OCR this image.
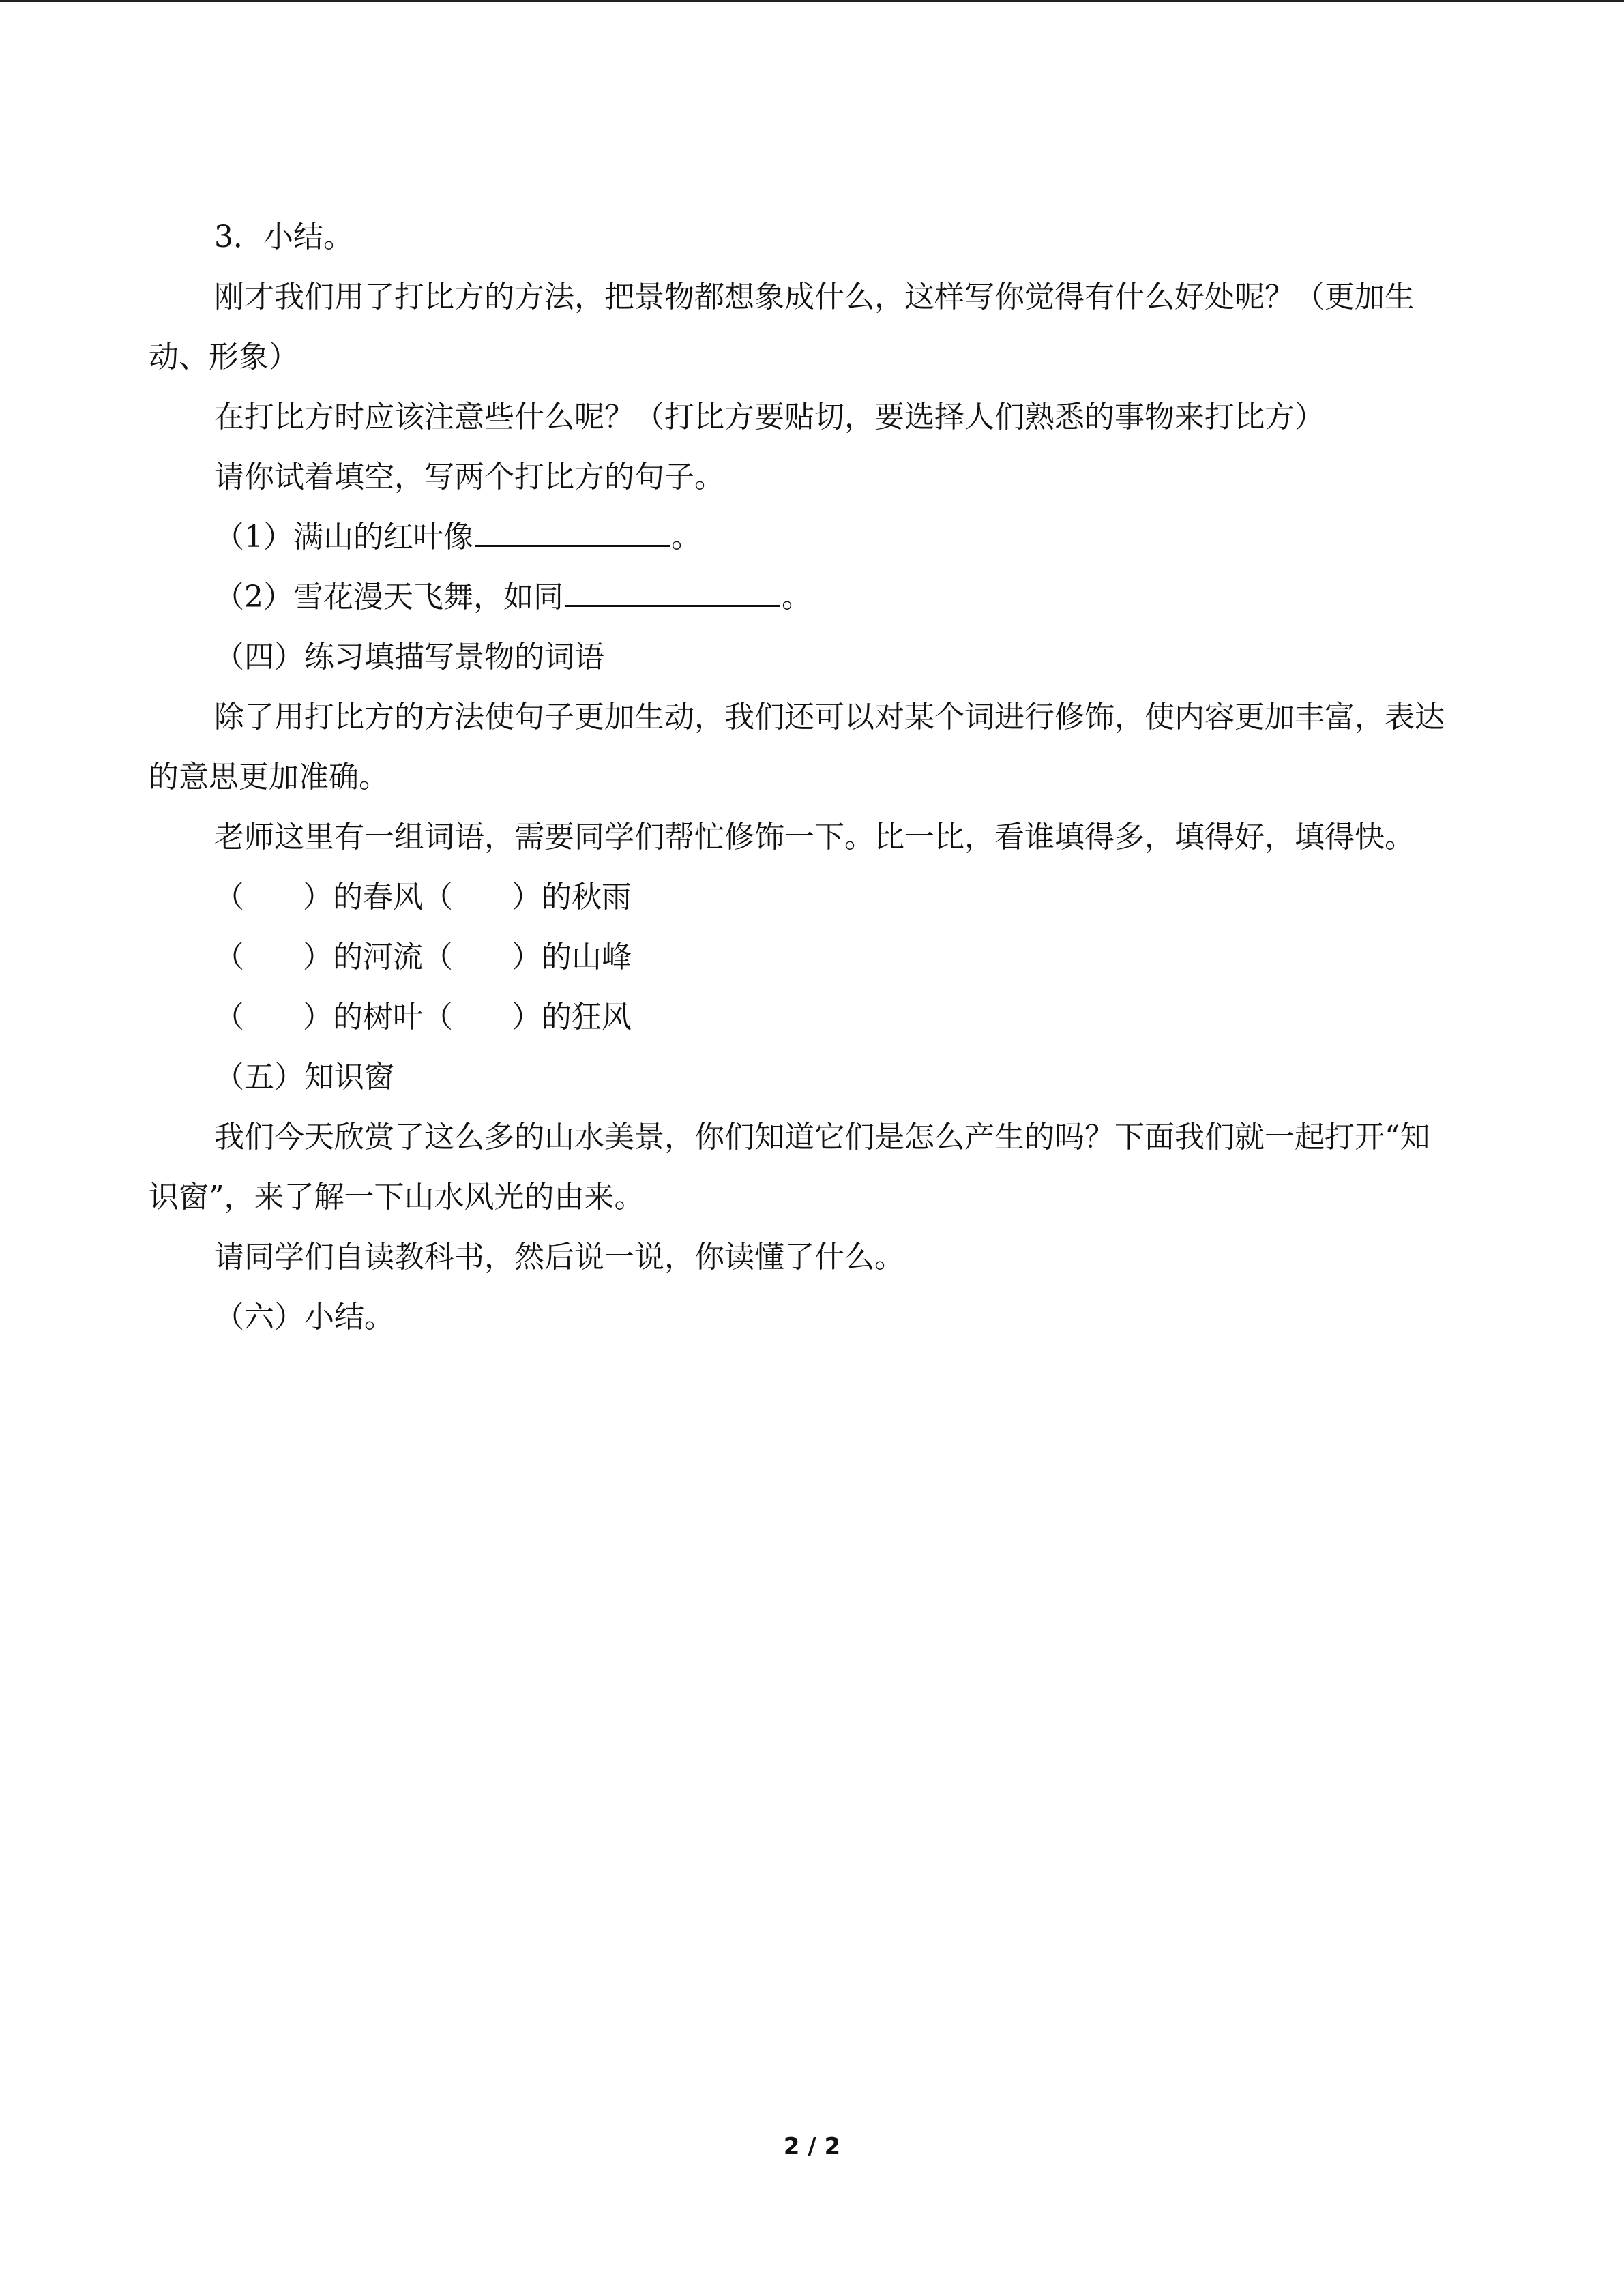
3．小结。

刚才我们用了打比方的方法，把景物都想象成什么，这样写你觉得有什么好处呢？（更加生动、形象）

在打比方时应该注意些什么呢？（打比方要贴切，要选择人们熟悉的事物来打比方）

请你试着填空，写两个打比方的句子。

（1）满山的红叶像	。

（2）雪花漫天飞舞，如同	。

（四）练习填描写景物的词语

除了用打比方的方法使句子更加生动，我们还可以对某个词进行修饰，使内容更加丰富，表达的意思更加准确。

老师这里有一组词语，需要同学们帮忙修饰一下。比一比，看谁填得多，填得好，填得快。

（ ）的春风（ ）的秋雨

（ ）的河流（ ）的山峰

（ ）的树叶（ ）的狂风

（五）知识窗

我们今天欣赏了这么多的山水美景，你们知道它们是怎么产生的吗？下面我们就一起打开“知识窗”，来了解一下山水风光的由来。

请同学们自读教科书，然后说一说，你读懂了什么。

（六）小结。

2 / 2
